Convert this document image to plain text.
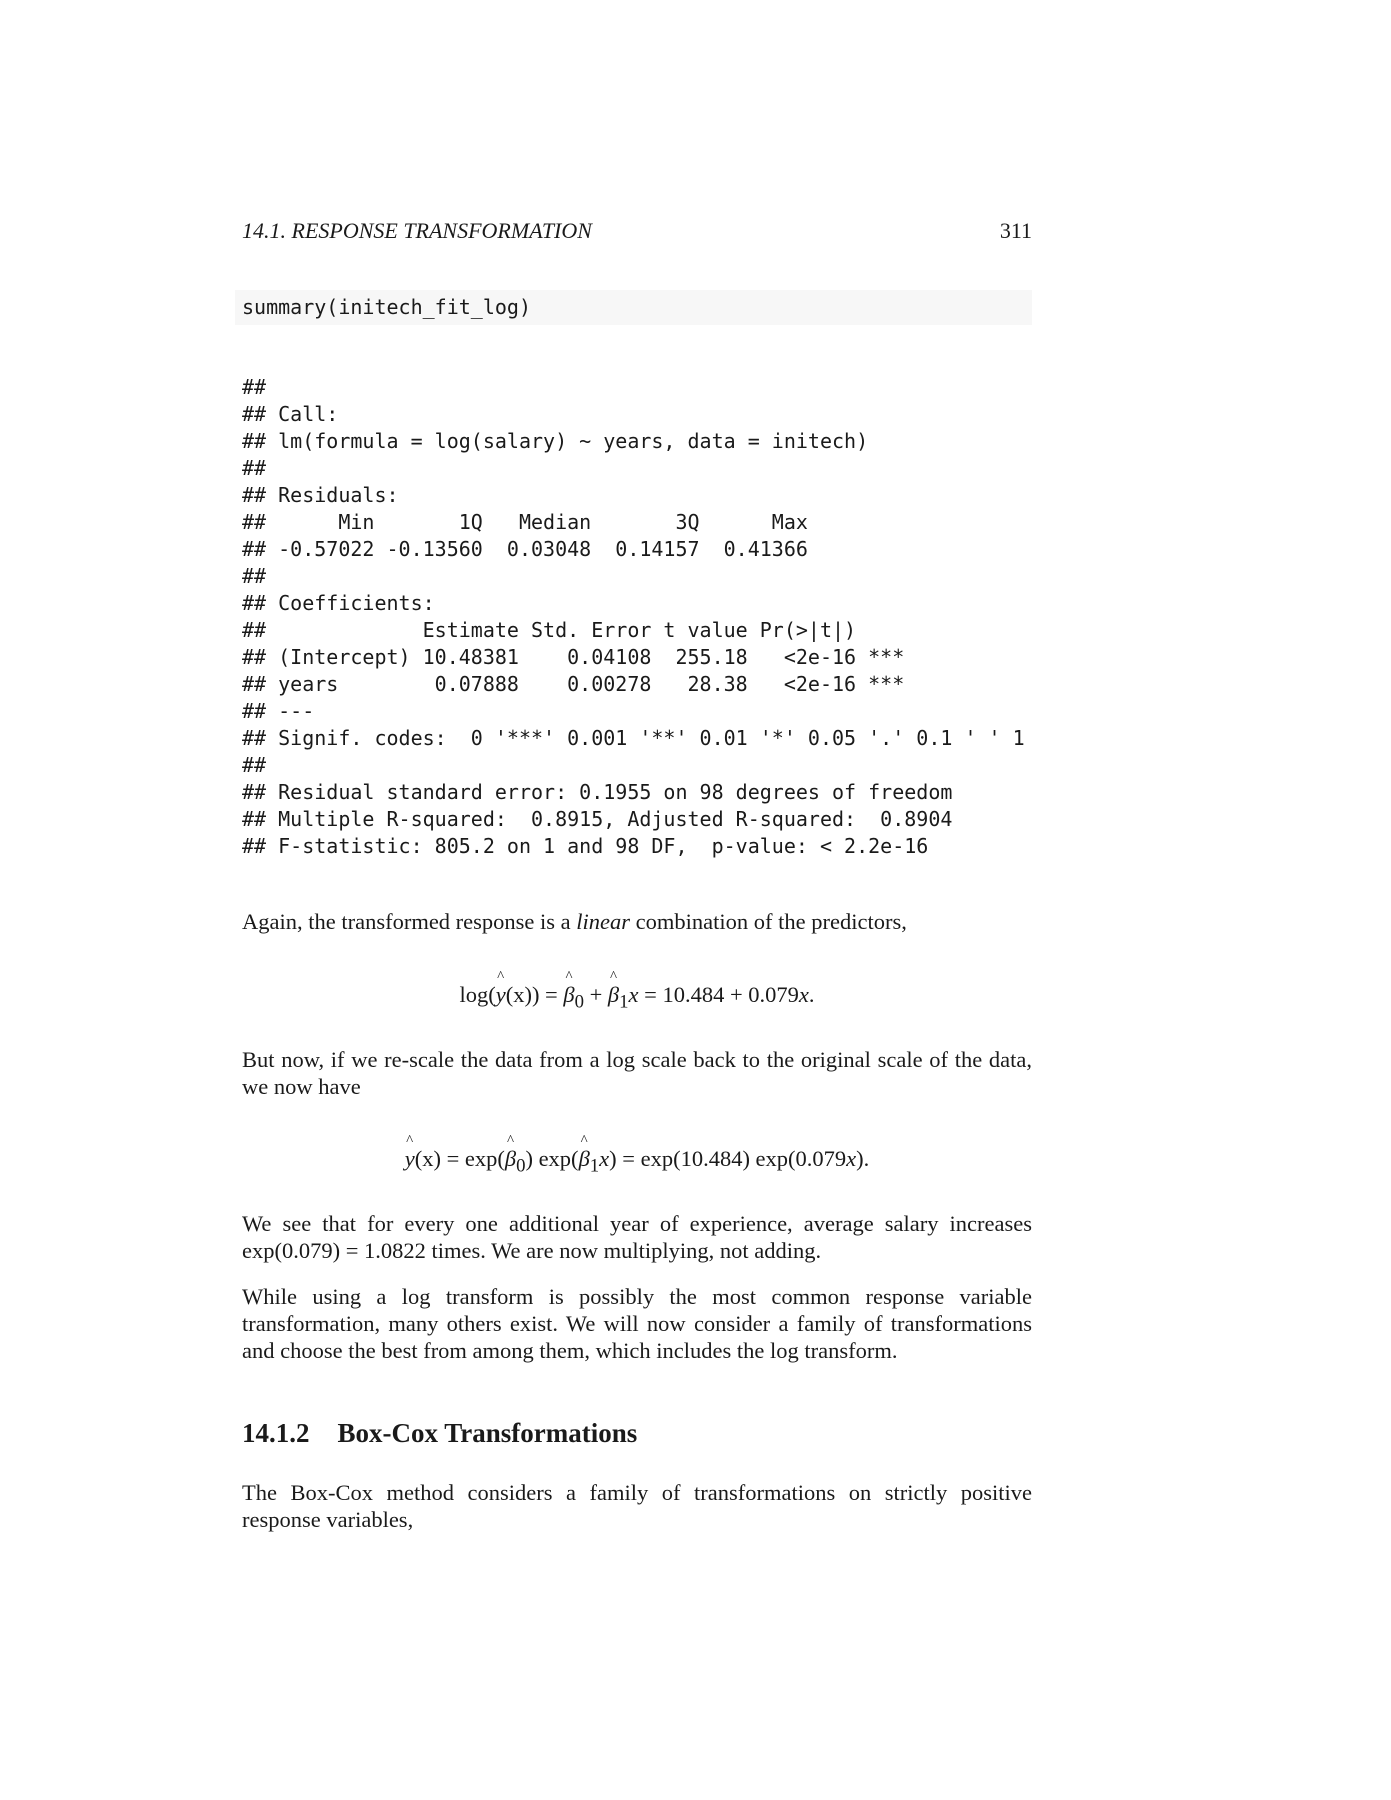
14.1. RESPONSE TRANSFORMATION	311
summary(initech_fit_log)
##
## Call:
## lm(formula = log(salary) ~ years, data = initech)
##
## Residuals:
##      Min       1Q   Median       3Q      Max
## -0.57022 -0.13560  0.03048  0.14157  0.41366
##
## Coefficients:
##             Estimate Std. Error t value Pr(>|t|)
## (Intercept) 10.48381    0.04108  255.18   <2e-16 ***
## years        0.07888    0.00278   28.38   <2e-16 ***
## ---
## Signif. codes:  0 '***' 0.001 '**' 0.01 '*' 0.05 '.' 0.1 ' ' 1
##
## Residual standard error: 0.1955 on 98 degrees of freedom
## Multiple R-squared:  0.8915, Adjusted R-squared:  0.8904
## F-statistic: 805.2 on 1 and 98 DF,  p-value: < 2.2e-16

Again, the transformed response is a linear combination of the predictors,

log(^ y(x)) = ^ $\beta_0$ + ^ $\beta_1x = 10.484 + 0.079x$.

But now, if we re-scale the data from a log scale back to the original scale of the data, we now have

^ y(x) = exp(^ $\beta_0$) exp(^ $\beta_1x) = \exp(10.484)$ exp(0.079x).

We see that for every one additional year of experience, average salary increases exp(0.079) = 1.0822 times. We are now multiplying, not adding.

While using a log transform is possibly the most common response variable transformation, many others exist. We will now consider a family of transformations and choose the best from among them, which includes the log transform.

14.1.2 Box-Cox Transformations

The Box-Cox method considers a family of transformations on strictly positive response variables,
